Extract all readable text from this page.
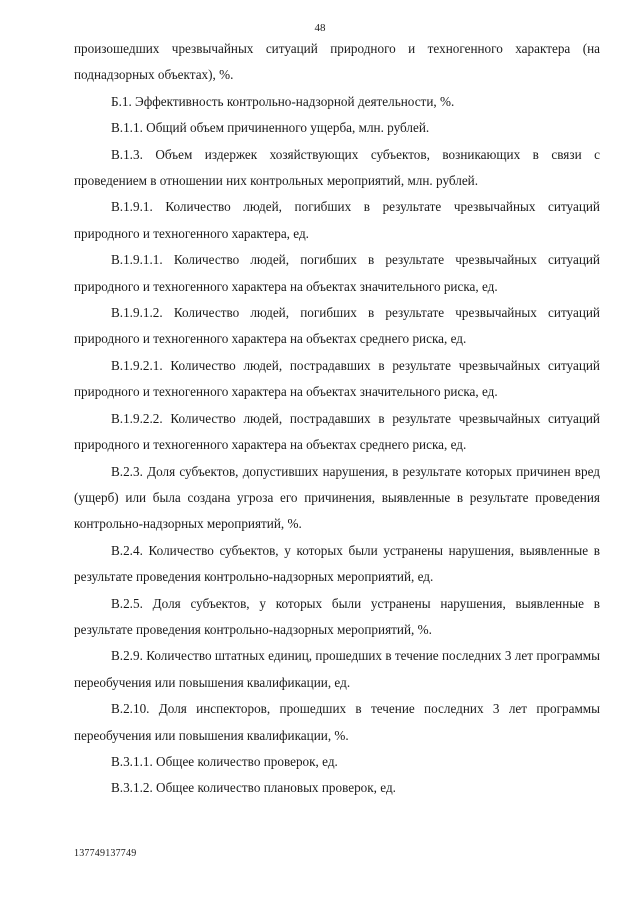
48

произошедших чрезвычайных ситуаций природного и техногенного характера (на поднадзорных объектах), %.

Б.1. Эффективность контрольно-надзорной деятельности, %.

В.1.1. Общий объем причиненного ущерба, млн. рублей.

В.1.3. Объем издержек хозяйствующих субъектов, возникающих в связи с проведением в отношении них контрольных мероприятий, млн. рублей.

В.1.9.1. Количество людей, погибших в результате чрезвычайных ситуаций природного и техногенного характера, ед.

В.1.9.1.1. Количество людей, погибших в результате чрезвычайных ситуаций природного и техногенного характера на объектах значительного риска, ед.

В.1.9.1.2. Количество людей, погибших в результате чрезвычайных ситуаций природного и техногенного характера на объектах среднего риска, ед.

В.1.9.2.1. Количество людей, пострадавших в результате чрезвычайных ситуаций природного и техногенного характера на объектах значительного риска, ед.

В.1.9.2.2. Количество людей, пострадавших в результате чрезвычайных ситуаций природного и техногенного характера на объектах среднего риска, ед.

В.2.3. Доля субъектов, допустивших нарушения, в результате которых причинен вред (ущерб) или была создана угроза его причинения, выявленные в результате проведения контрольно-надзорных мероприятий, %.

В.2.4. Количество субъектов, у которых были устранены нарушения, выявленные в результате проведения контрольно-надзорных мероприятий, ед.

В.2.5. Доля субъектов, у которых были устранены нарушения, выявленные в результате проведения контрольно-надзорных мероприятий, %.

В.2.9. Количество штатных единиц, прошедших в течение последних 3 лет программы переобучения или повышения квалификации, ед.

В.2.10. Доля инспекторов, прошедших в течение последних 3 лет программы переобучения или повышения квалификации, %.

В.3.1.1. Общее количество проверок, ед.

В.3.1.2. Общее количество плановых проверок, ед.

137749137749
